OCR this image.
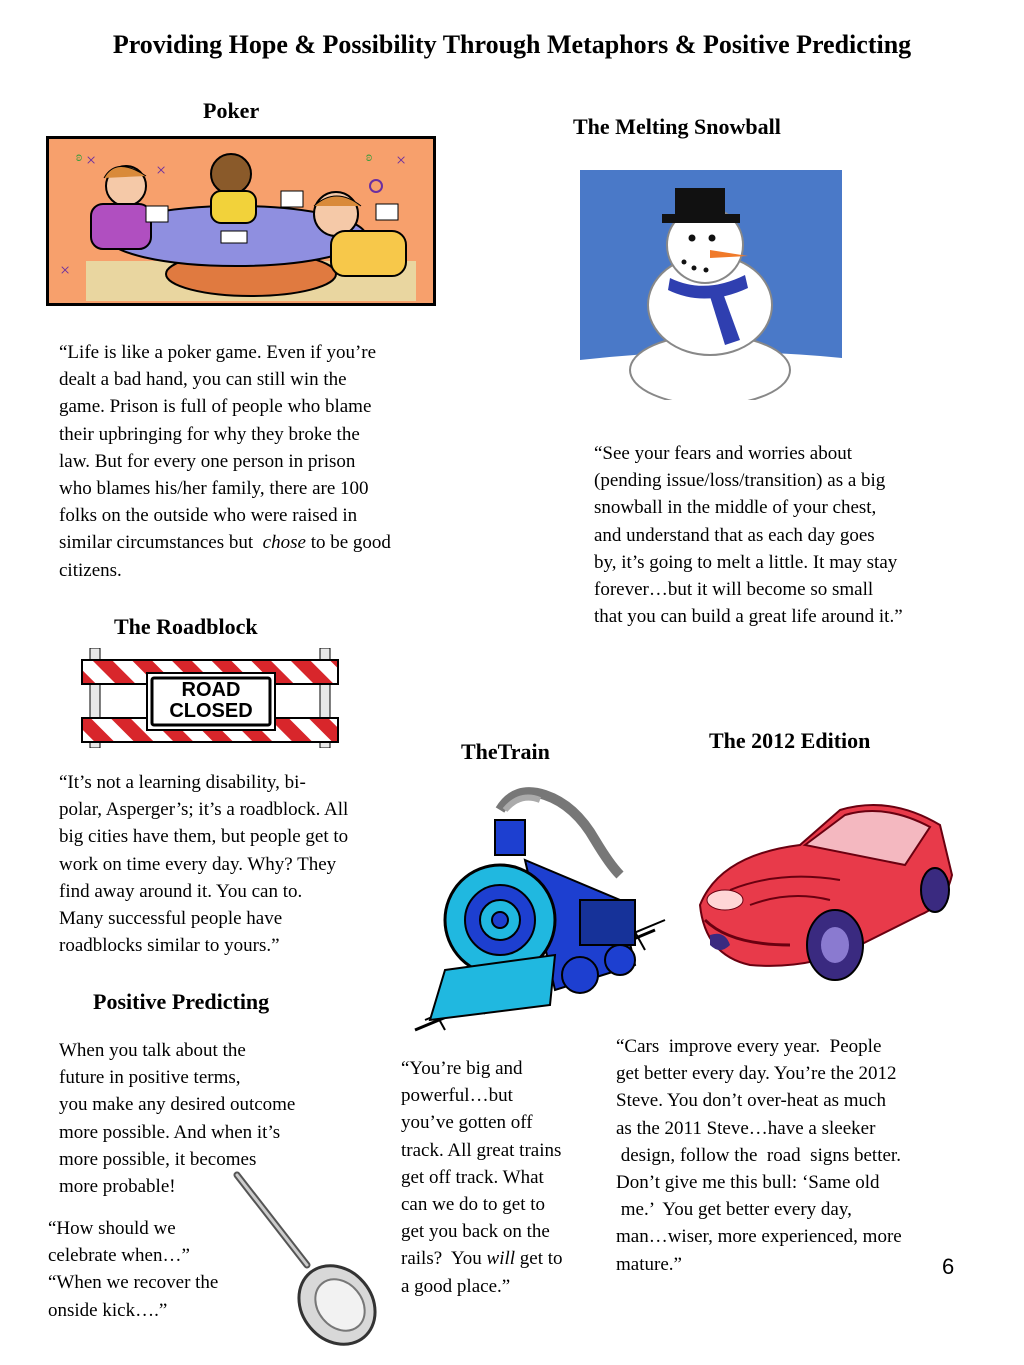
Providing Hope & Possibility Through Metaphors & Positive Predicting
Poker
×	×	×
×
ʚ	ʚ
“Life is like a poker game. Even if you’re
dealt a bad hand, you can still win the
game. Prison is full of people who blame
their upbringing for why they broke the
law. But for every one person in prison
who blames his/her family, there are 100
folks on the outside who were raised in
similar circumstances but  chose to be good
citizens.
The Melting Snowball
“See your fears and worries about
(pending issue/loss/transition) as a big
snowball in the middle of your chest,
and understand that as each day goes
by, it’s going to melt a little. It may stay
forever…but it will become so small
that you can build a great life around it.”
The Roadblock
ROAD
CLOSED
“It’s not a learning disability, bi-
polar, Asperger’s; it’s a roadblock. All
big cities have them, but people get to
work on time every day. Why? They
find away around it. You can to.
Many successful people have
roadblocks similar to yours.”
TheTrain
“You’re big and
powerful…but
you’ve gotten off
track. All great trains
get off track. What
can we do to get to
get you back on the
rails?  You will get to
a good place.”
The 2012 Edition
“Cars  improve every year.  People
get better every day. You’re the 2012
Steve. You don’t over-heat as much
as the 2011 Steve…have a sleeker
design, follow the  road  signs better.
Don’t give me this bull: ‘Same old
me.’  You get better every day,
man…wiser, more experienced, more
mature.”
Positive Predicting
When you talk about the
future in positive terms,
you make any desired outcome
more possible. And when it’s
more possible, it becomes
more probable!
“How should we
celebrate when…”
“When we recover the
onside kick….”
6
